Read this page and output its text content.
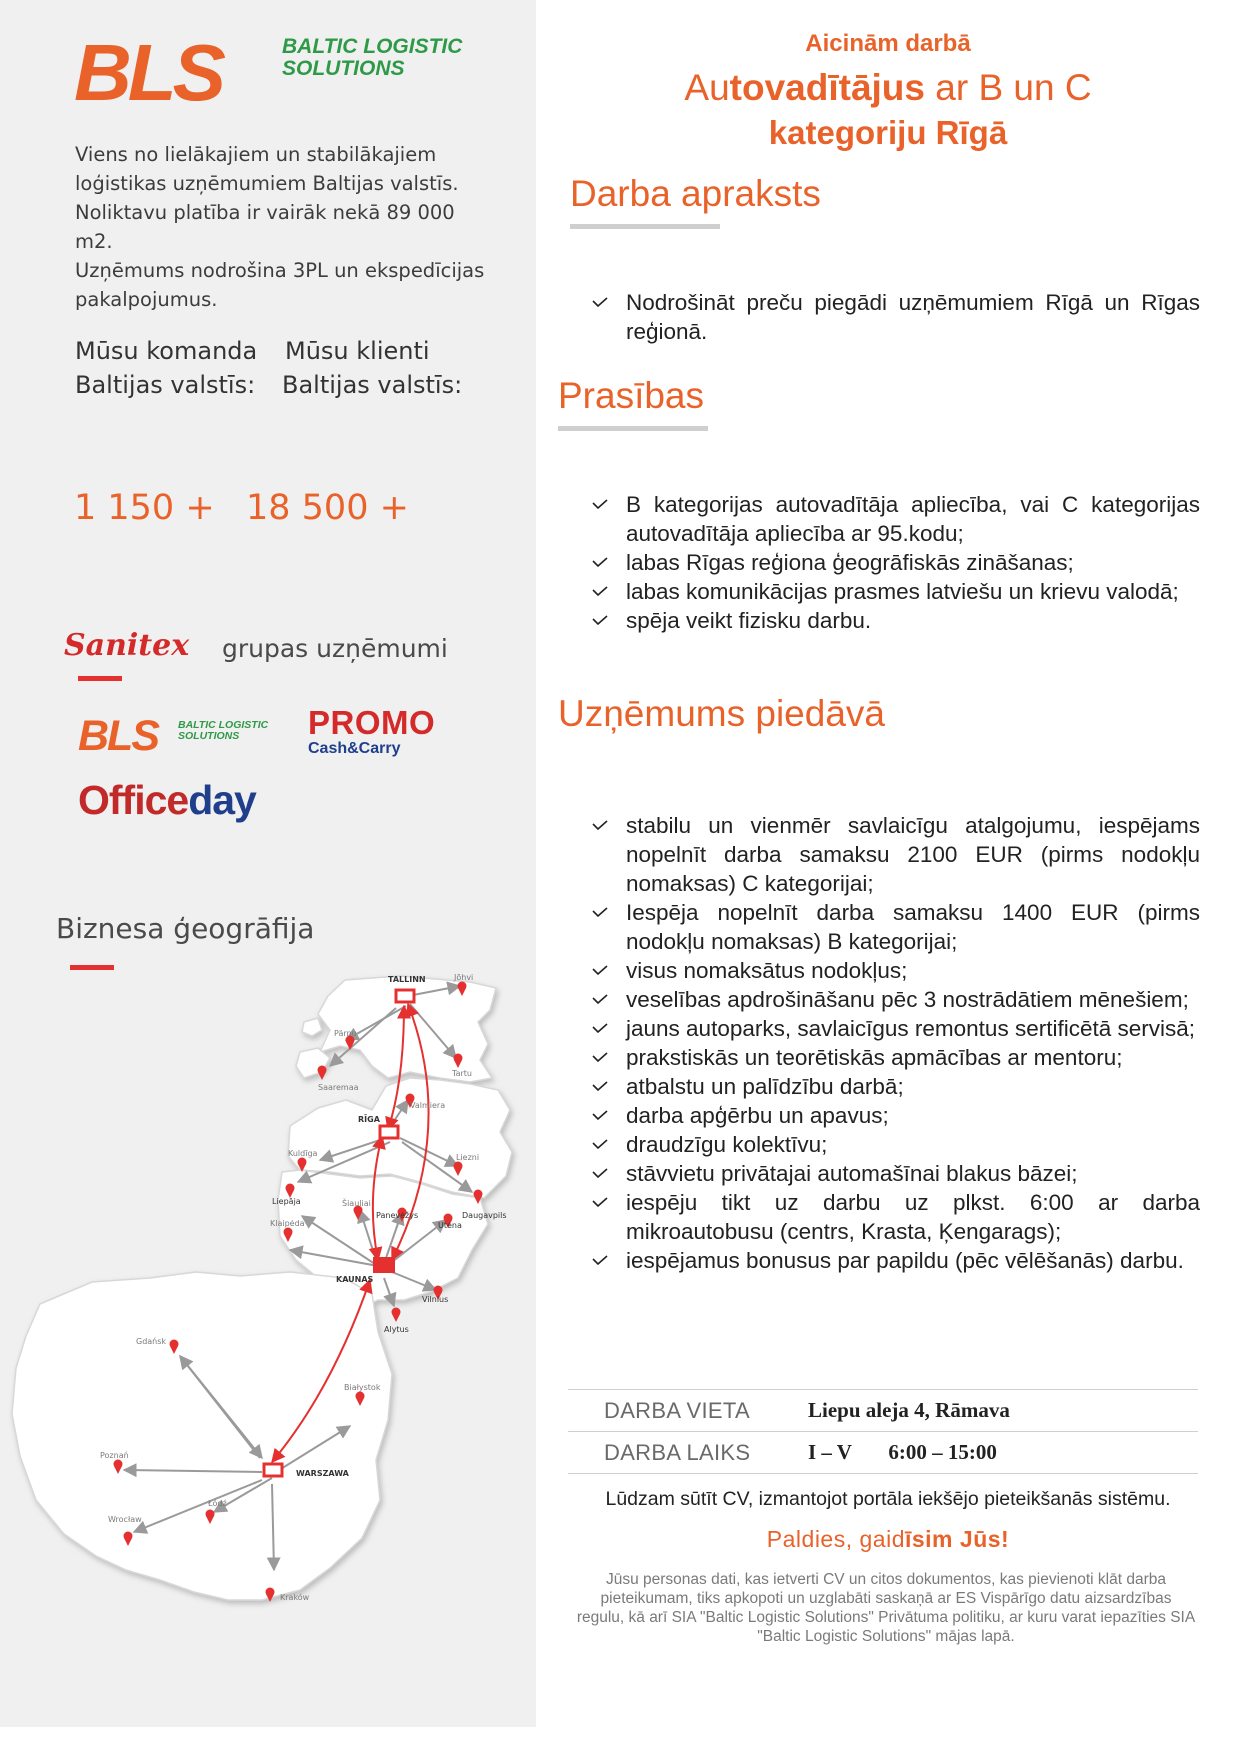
BLS	BALTIC LOGISTIC
SOLUTIONS
Viens no lielākajiem un stabilākajiem
loģistikas uzņēmumiem Baltijas valstīs.
Noliktavu platība ir vairāk nekā 89 000 m2.
Uzņēmums nodrošina 3PL un ekspedīcijas
pakalpojumus.
Mūsu komanda
Baltijas valstīs:
Mūsu klienti
Baltijas valstīs:
1 150 + 18 500 +
Sanitex grupas uzņēmumi
BLS BALTIC LOGISTIC
SOLUTIONS	PROMO
Cash&Carry
Officeday
Biznesa ģeogrāfija
TALLINN	Jõhvi
Pärnu
Tartu
Saaremaa
Valmiera
RĪGA
Kuldīga
Liepāja
Liezni
Daugavpils
Šiauliai
Panevėžys
Utena
Klaipėda
KAUNAS
Vilnius
Alytus
Gdańsk
Białystok
Poznań
WARSZAWA
Wrocław
Łódź
Kraków
Aicinām darbā
Autovadītājus ar B un C
kategoriju Rīgā
Darba apraksts
Nodrošināt preču piegādi uzņēmumiem Rīgā un Rīgas reģionā.
Prasības
B kategorijas autovadītāja apliecība, vai C kategorijas autovadītāja apliecība ar 95.kodu;
labas Rīgas reģiona ģeogrāfiskās zināšanas;
labas komunikācijas prasmes latviešu un krievu valodā;
spēja veikt fizisku darbu.
Uzņēmums piedāvā
stabilu un vienmēr savlaicīgu atalgojumu, iespējams nopelnīt darba samaksu 2100 EUR (pirms nodokļu nomaksas) C kategorijai;
Iespēja nopelnīt darba samaksu 1400 EUR (pirms nodokļu nomaksas) B kategorijai;
visus nomaksātus nodokļus;
veselības apdrošināšanu pēc 3 nostrādātiem mēnešiem;
jauns autoparks, savlaicīgus remontus sertificētā servisā;
prakstiskās un teorētiskās apmācības ar mentoru;
atbalstu un palīdzību darbā;
darba apģērbu un apavus;
draudzīgu kolektīvu;
stāvvietu privātajai automašīnai blakus bāzei;
iespēju tikt uz darbu uz plkst. 6:00 ar darba mikroautobusu (centrs, Krasta, Ķengarags);
iespējamus bonusus par papildu (pēc vēlēšanās) darbu.
DARBA VIETA	Liepu aleja 4, Rāmava
DARBA LAIKS	I – V       6:00 – 15:00
Lūdzam sūtīt CV, izmantojot portāla iekšējo pieteikšanās sistēmu.
Paldies, gaidīsim Jūs!
Jūsu personas dati, kas ietverti CV un citos dokumentos, kas pievienoti klāt darba pieteikumam, tiks apkopoti un uzglabāti saskaņā ar ES Vispārīgo datu aizsardzības regulu, kā arī SIA "Baltic Logistic Solutions" Privātuma politiku, ar kuru varat iepazīties SIA "Baltic Logistic Solutions" mājas lapā.
